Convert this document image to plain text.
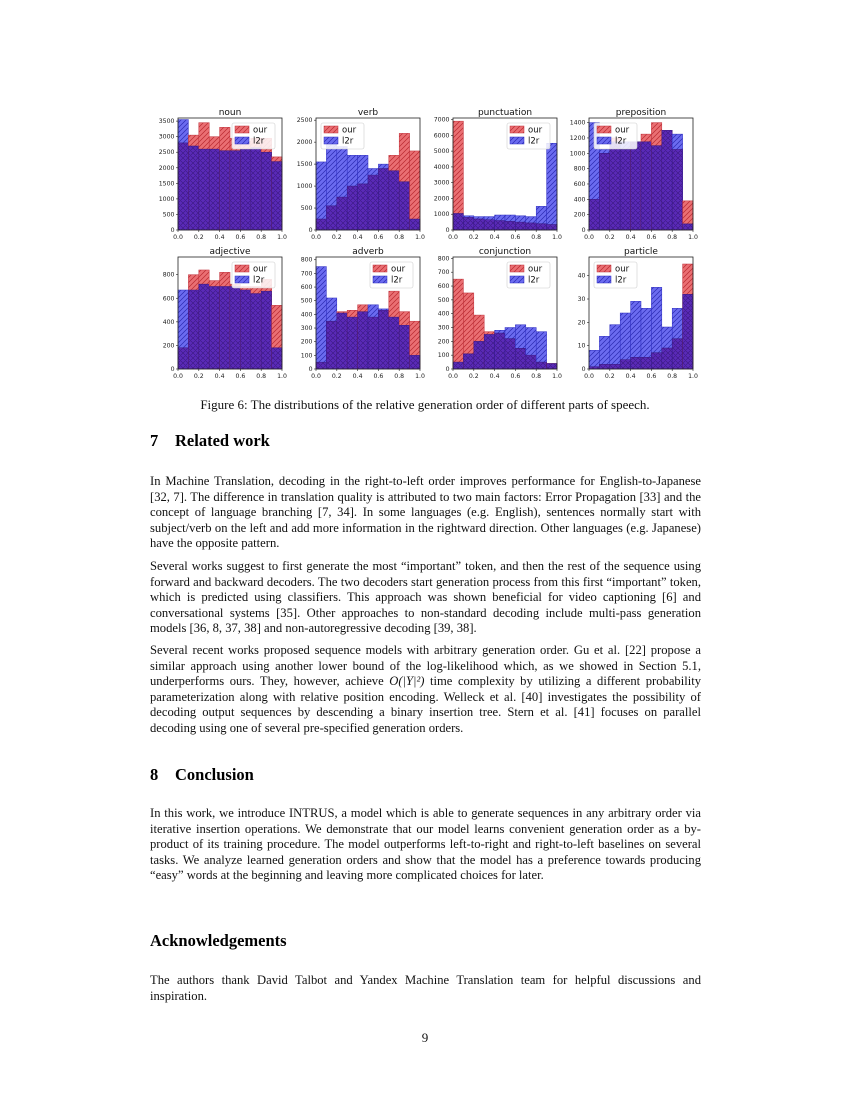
noun
0.0 0.2 0.4 0.6 0.8 1.0
0
500
1000
1500
2000
2500
3000
3500
our
l2r
verb
0.0 0.2 0.4 0.6 0.8 1.0
0
500
1000
1500
2000
2500
our
l2r
punctuation
0.0 0.2 0.4 0.6 0.8 1.0
0
1000
2000
3000
4000
5000
6000
7000
our
l2r
preposition
0.0 0.2 0.4 0.6 0.8 1.0
0
200
400
600
800
1000
1200
1400
our
l2r
adjective
0.0 0.2 0.4 0.6 0.8 1.0
0
200
400
600
800
our
l2r
adverb
0.0 0.2 0.4 0.6 0.8 1.0
0
100
200
300
400
500
600
700
800
our
l2r
conjunction
0.0 0.2 0.4 0.6 0.8 1.0
0
100
200
300
400
500
600
700
800
our
l2r
particle
0.0 0.2 0.4 0.6 0.8 1.0
0
10
20
30
40
our
l2r
Figure 6: The distributions of the relative generation order of different parts of speech.
7 Related work

In Machine Translation, decoding in the right-to-left order improves performance for English-to-Japanese [32, 7]. The difference in translation quality is attributed to two main factors: Error Propagation [33] and the concept of language branching [7, 34]. In some languages (e.g. English), sentences normally start with subject/verb on the left and add more information in the rightward direction. Other languages (e.g. Japanese) have the opposite pattern.

Several works suggest to first generate the most “important” token, and then the rest of the sequence using forward and backward decoders. The two decoders start generation process from this first “important” token, which is predicted using classifiers. This approach was shown beneficial for video captioning [6] and conversational systems [35]. Other approaches to non-standard decoding include multi-pass generation models [36, 8, 37, 38] and non-autoregressive decoding [39, 38].

Several recent works proposed sequence models with arbitrary generation order. Gu et al. [22] propose a similar approach using another lower bound of the log-likelihood which, as we showed in Section 5.1, underperforms ours. They, however, achieve O(|Y|²) time complexity by utilizing a different probability parameterization along with relative position encoding. Welleck et al. [40] investigates the possibility of decoding output sequences by descending a binary insertion tree. Stern et al. [41] focuses on parallel decoding using one of several pre-specified generation orders.

8 Conclusion

In this work, we introduce INTRUS, a model which is able to generate sequences in any arbitrary order via iterative insertion operations. We demonstrate that our model learns convenient generation order as a by-product of its training procedure. The model outperforms left-to-right and right-to-left baselines on several tasks. We analyze learned generation orders and show that the model has a preference towards producing “easy” words at the beginning and leaving more complicated choices for later.

Acknowledgements

The authors thank David Talbot and Yandex Machine Translation team for helpful discussions and inspiration.

9
